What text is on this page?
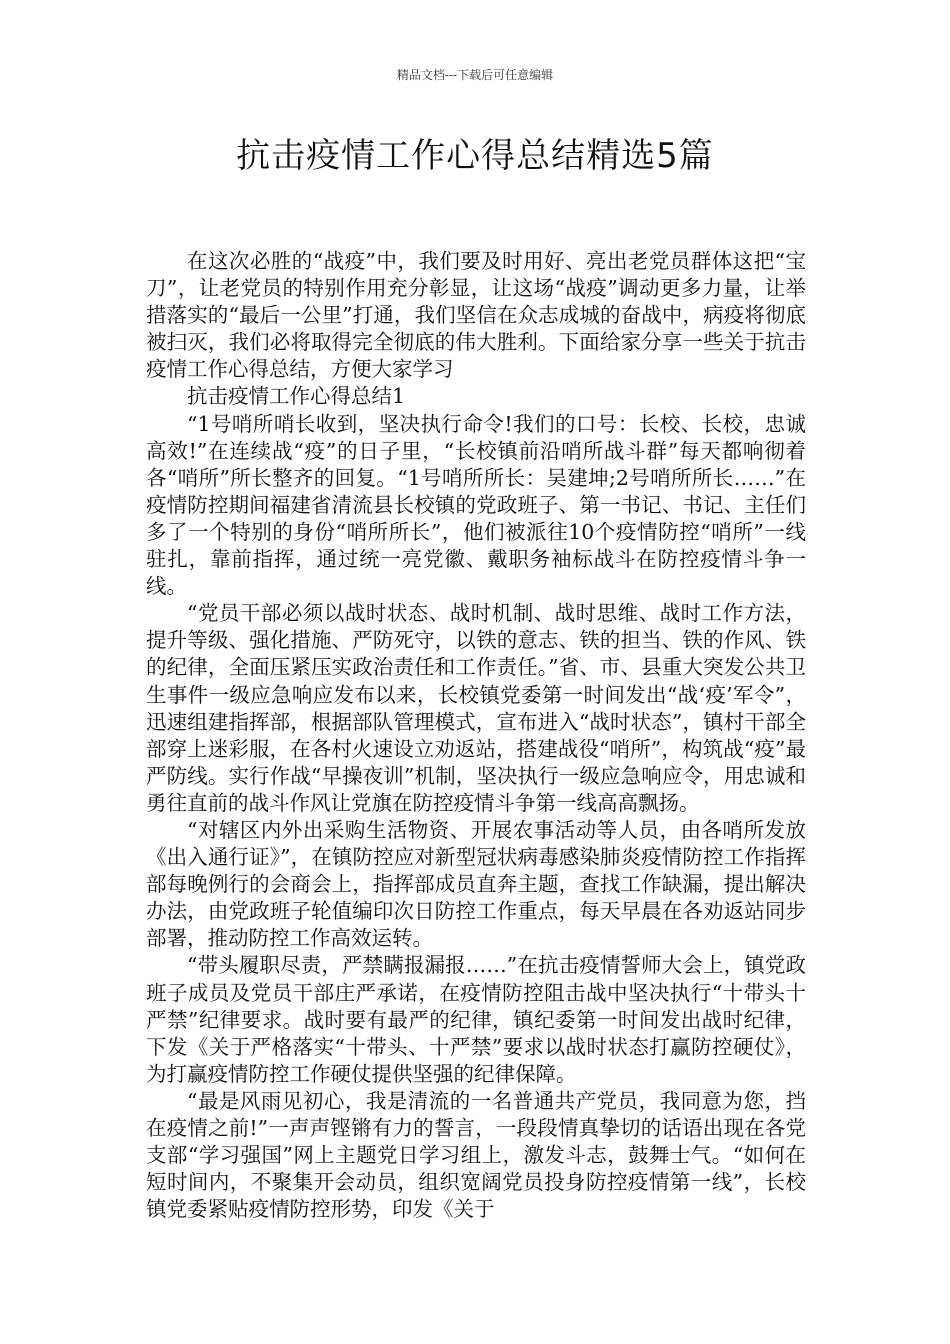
精品文档---下载后可任意编辑
抗击疫情工作心得总结精选5篇

在这次必胜的“战疫”中，我们要及时用好、亮出老党员群体这把“宝刀”，让老党员的特别作用充分彰显，让这场“战疫”调动更多力量，让举措落实的“最后一公里”打通，我们坚信在众志成城的奋战中，病疫将彻底被扫灭，我们必将取得完全彻底的伟大胜利。下面给家分享一些关于抗击疫情工作心得总结，方便大家学习

抗击疫情工作心得总结1

“1号哨所哨长收到，坚决执行命令!我们的口号：长校、长校，忠诚高效!”在连续战“疫”的日子里，“长校镇前沿哨所战斗群”每天都响彻着各“哨所”所长整齐的回复。“1号哨所所长：吴建坤;2号哨所所长……”在疫情防控期间福建省清流县长校镇的党政班子、第一书记、书记、主任们多了一个特别的身份“哨所所长”，他们被派往10个疫情防控“哨所”一线驻扎，靠前指挥，通过统一亮党徽、戴职务袖标战斗在防控疫情斗争一线。

“党员干部必须以战时状态、战时机制、战时思维、战时工作方法，提升等级、强化措施、严防死守，以铁的意志、铁的担当、铁的作风、铁的纪律，全面压紧压实政治责任和工作责任。”省、市、县重大突发公共卫生事件一级应急响应发布以来，长校镇党委第一时间发出“战‘疫’军令”，迅速组建指挥部，根据部队管理模式，宣布进入“战时状态”，镇村干部全部穿上迷彩服，在各村火速设立劝返站，搭建战役“哨所”，构筑战“疫”最严防线。实行作战“早操夜训”机制，坚决执行一级应急响应令，用忠诚和勇往直前的战斗作风让党旗在防控疫情斗争第一线高高飘扬。

“对辖区内外出采购生活物资、开展农事活动等人员，由各哨所发放《出入通行证》”，在镇防控应对新型冠状病毒感染肺炎疫情防控工作指挥部每晚例行的会商会上，指挥部成员直奔主题，查找工作缺漏，提出解决办法，由党政班子轮值编印次日防控工作重点，每天早晨在各劝返站同步部署，推动防控工作高效运转。

“带头履职尽责，严禁瞒报漏报……”在抗击疫情誓师大会上，镇党政班子成员及党员干部庄严承诺，在疫情防控阻击战中坚决执行“十带头十严禁”纪律要求。战时要有最严的纪律，镇纪委第一时间发出战时纪律，下发《关于严格落实“十带头、十严禁”要求以战时状态打赢防控硬仗》，为打赢疫情防控工作硬仗提供坚强的纪律保障。

“最是风雨见初心，我是清流的一名普通共产党员，我同意为您，挡在疫情之前!”一声声铿锵有力的誓言，一段段情真挚切的话语出现在各党支部“学习强国”网上主题党日学习组上，激发斗志，鼓舞士气。“如何在短时间内，不聚集开会动员，组织宽阔党员投身防控疫情第一线”，长校镇党委紧贴疫情防控形势，印发《关于
